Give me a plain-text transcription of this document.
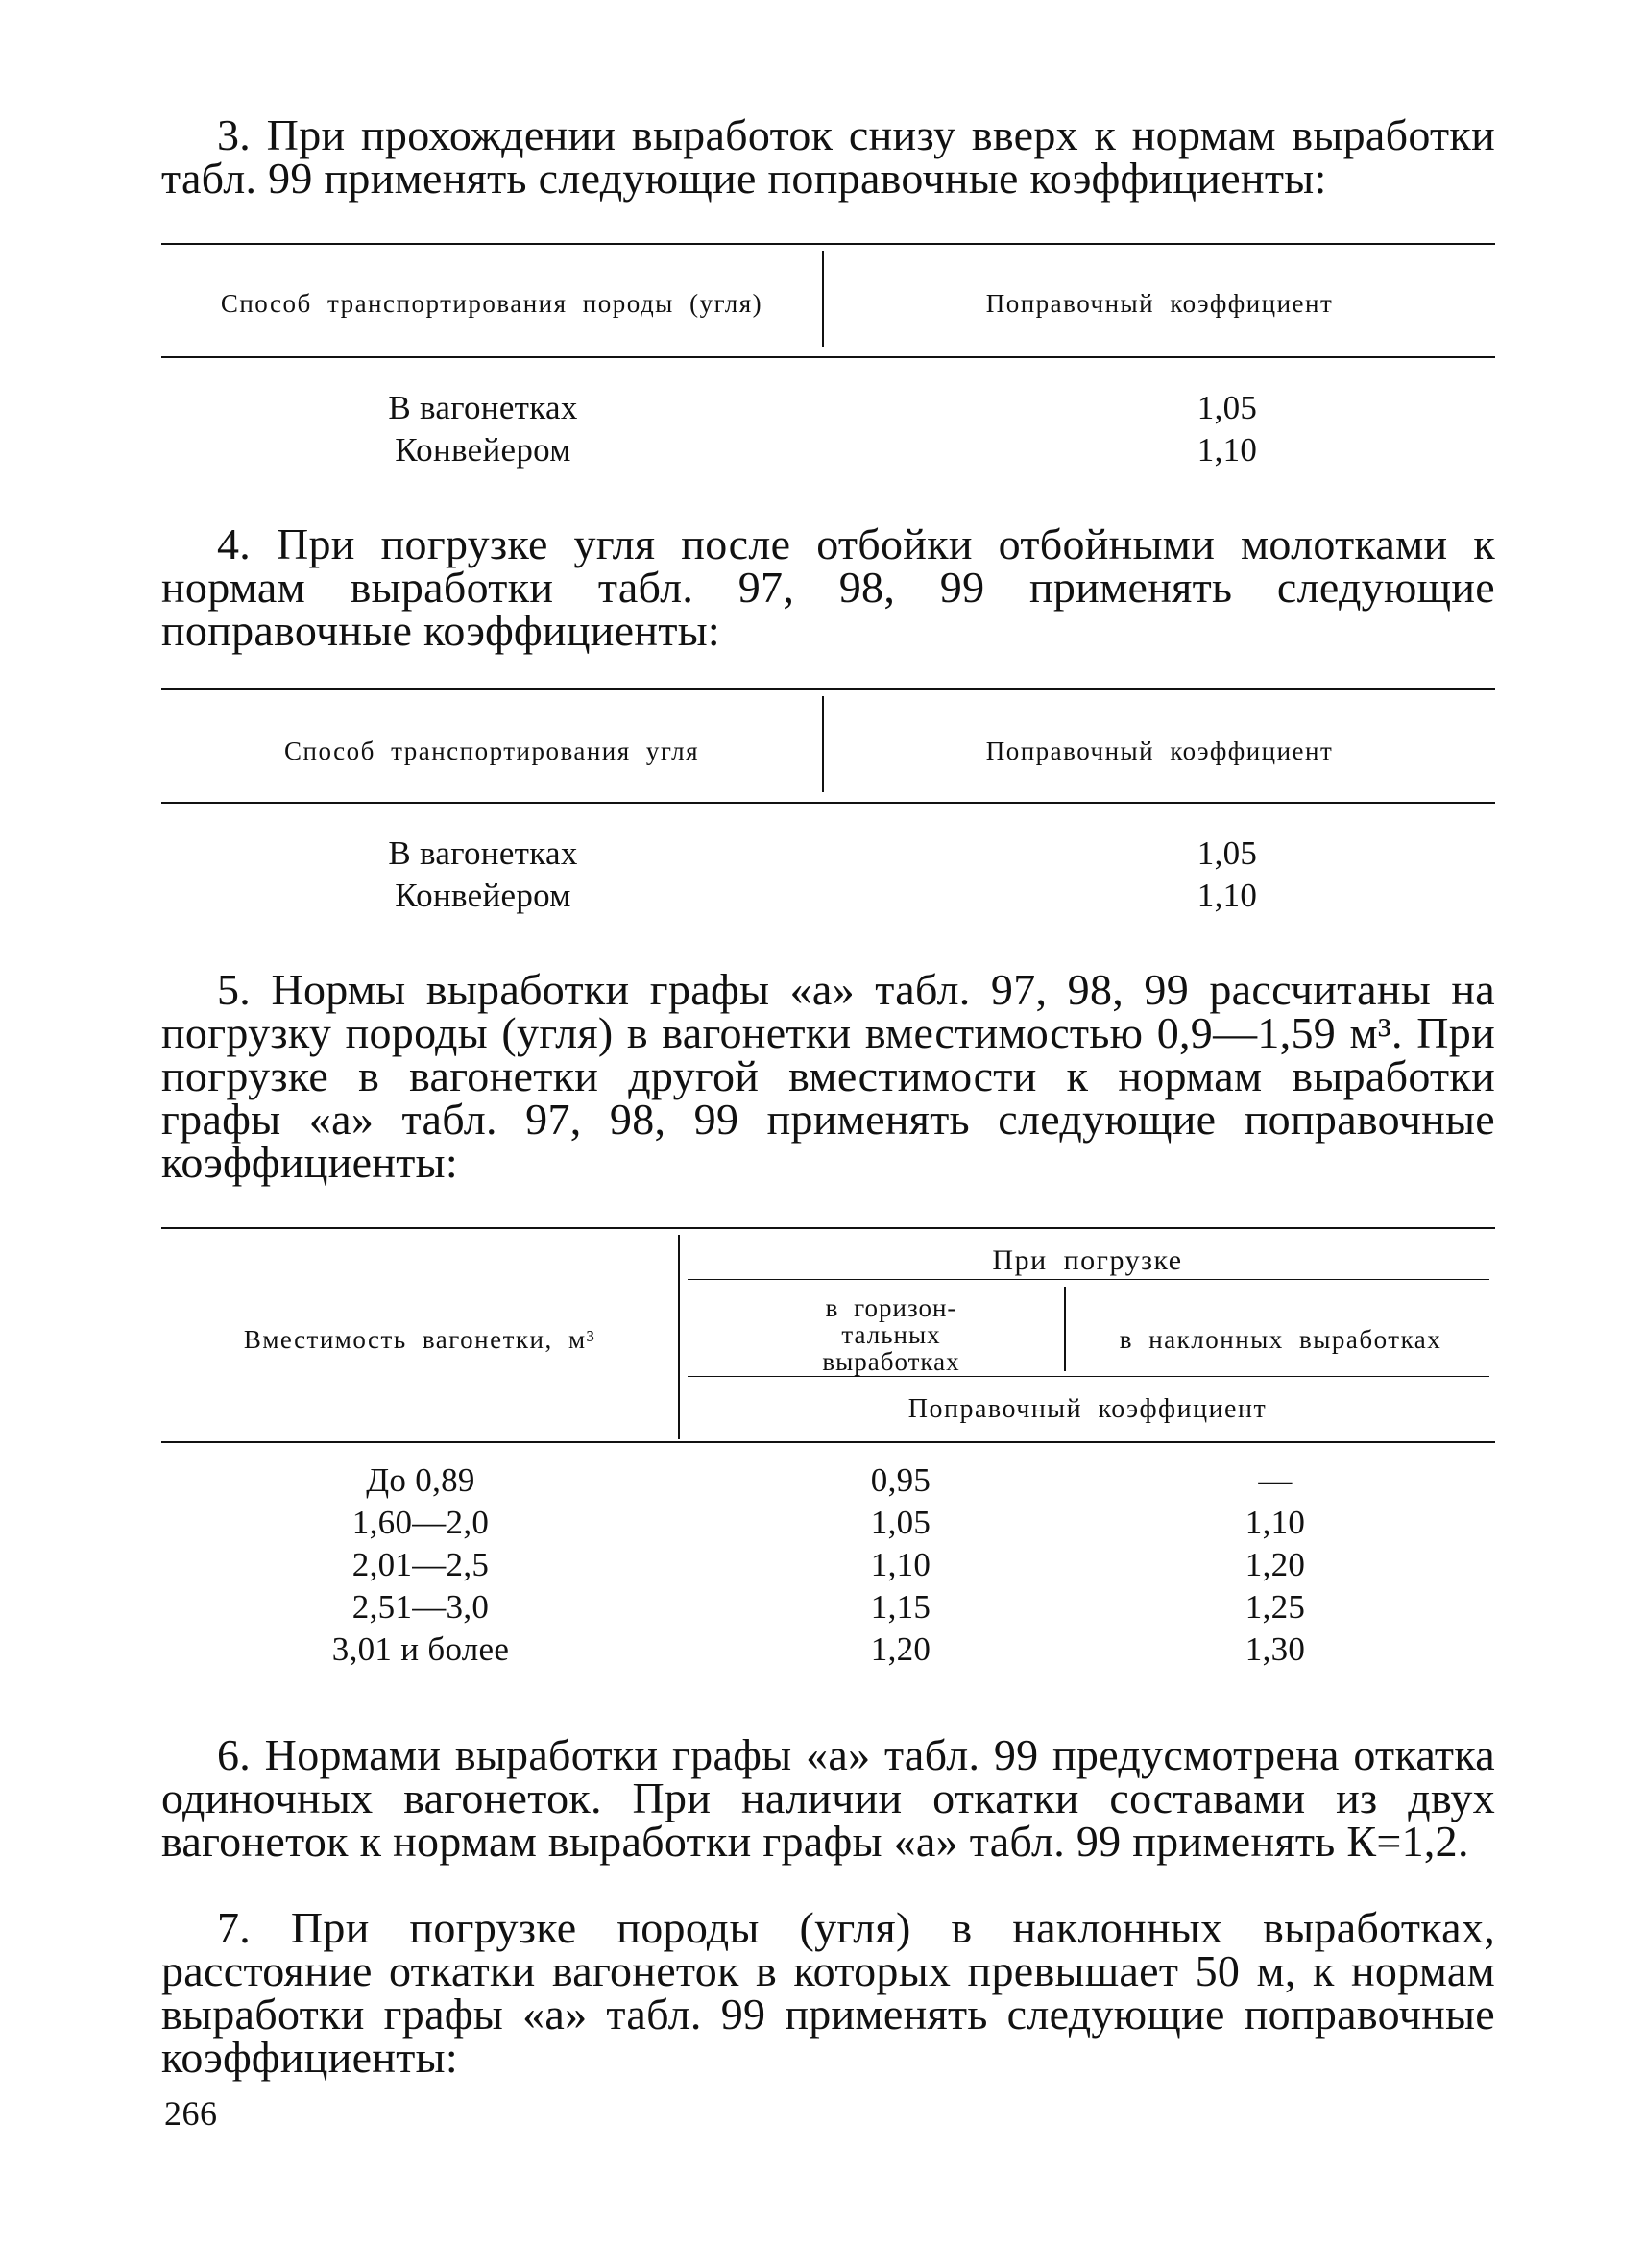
3. При прохождении выработок снизу вверх к нормам выработки табл. 99 применять следующие поправочные коэффициенты:

Способ транспортирования породы (угля)	Поправочный коэффициент
В вагонетках	1,05
Конвейером	1,10

4. При погрузке угля после отбойки отбойными молотками к нормам выработки табл. 97, 98, 99 применять следующие поправочные коэффициенты:

Способ транспортирования угля	Поправочный коэффициент
В вагонетках	1,05
Конвейером	1,10

5. Нормы выработки графы «а» табл. 97, 98, 99 рассчитаны на погрузку породы (угля) в вагонетки вместимостью 0,9—1,59 м³. При погрузке в вагонетки другой вместимости к нормам выработки графы «а» табл. 97, 98, 99 применять следующие поправочные коэффициенты:

Вместимость вагонетки, м³
При погрузке
в горизон-тальных выработках
в наклонных выработках
Поправочный коэффициент
До 0,89	0,95	—
1,60—2,0	1,05	1,10
2,01—2,5	1,10	1,20
2,51—3,0	1,15	1,25
3,01 и более	1,20	1,30

6. Нормами выработки графы «а» табл. 99 предусмотрена откатка одиночных вагонеток. При наличии откатки составами из двух вагонеток к нормам выработки графы «а» табл. 99 применять К=1,2.

7. При погрузке породы (угля) в наклонных выработках, расстояние откатки вагонеток в которых превышает 50 м, к нормам выработки графы «а» табл. 99 применять следующие поправочные коэффициенты:

266
